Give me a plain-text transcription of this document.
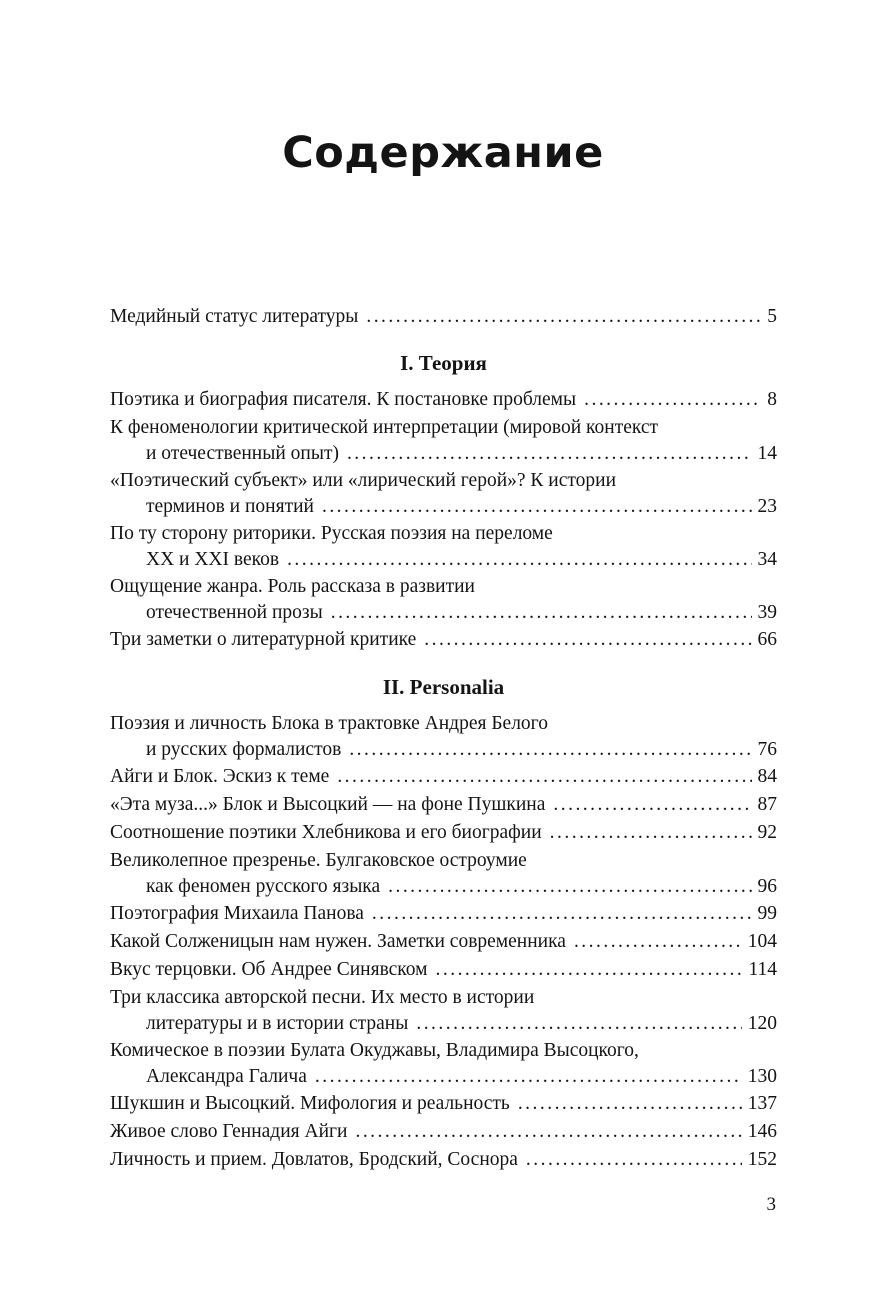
Содержание
Медийный статус литературы . . .	5
I. Теория
Поэтика и биография писателя. К постановке проблемы . . .	8
К феноменологии критической интерпретации (мировой контекст
и отечественный опыт) . . .	14
«Поэтический субъект» или «лирический герой»? К истории
терминов и понятий . . .	23
По ту сторону риторики. Русская поэзия на переломе
XX и XXI веков . . .	34
Ощущение жанра. Роль рассказа в развитии
отечественной прозы . . .	39
Три заметки о литературной критике . . .	66
II. Personalia
Поэзия и личность Блока в трактовке Андрея Белого
и русских формалистов . . .	76
Айги и Блок. Эскиз к теме . . .	84
«Эта муза...» Блок и Высоцкий — на фоне Пушкина . . .	87
Соотношение поэтики Хлебникова и его биографии . . .	92
Великолепное презренье. Булгаковское остроумие
как феномен русского языка . . .	96
Поэтография Михаила Панова . . .	99
Какой Солженицын нам нужен. Заметки современника . . .	104
Вкус терцовки. Об Андрее Синявском . . .	114
Три классика авторской песни. Их место в истории
литературы и в истории страны . . .	120
Комическое в поэзии Булата Окуджавы, Владимира Высоцкого,
Александра Галича . . .	130
Шукшин и Высоцкий. Мифология и реальность . . .	137
Живое слово Геннадия Айги . . .	146
Личность и прием. Довлатов, Бродский, Соснора . . .	152
3
